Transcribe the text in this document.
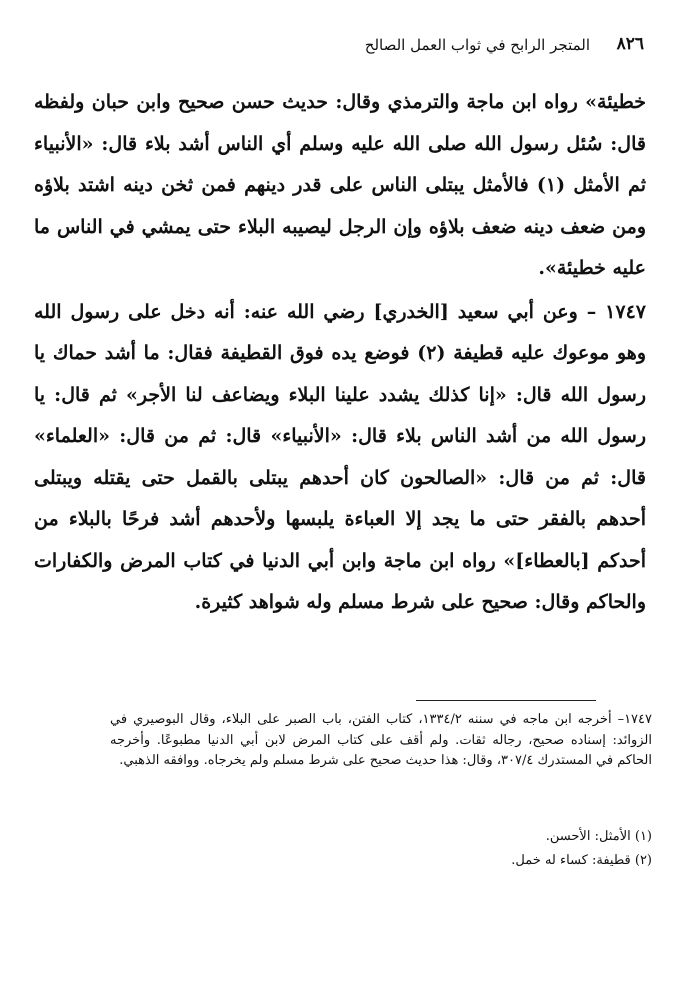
٨٢٦
المتجر الرابح في ثواب العمل الصالح

خطيئة» رواه ابن ماجة والترمذي وقال: حديث حسن صحيح وابن حبان ولفظه قال: سُئل رسول الله صلى الله عليه وسلم أي الناس أشد بلاء قال: «الأنبياء ثم الأمثل (١) فالأمثل يبتلى الناس على قدر دينهم فمن ثخن دينه اشتد بلاؤه ومن ضعف دينه ضعف بلاؤه وإن الرجل ليصيبه البلاء حتى يمشي في الناس ما عليه خطيئة».

١٧٤٧ – وعن أبي سعيد [الخدري] رضي الله عنه: أنه دخل على رسول الله وهو موعوك عليه قطيفة (٢) فوضع يده فوق القطيفة فقال: ما أشد حماك يا رسول الله قال: «إنا كذلك يشدد علينا البلاء ويضاعف لنا الأجر» ثم قال: يا رسول الله من أشد الناس بلاء قال: «الأنبياء» قال: ثم من قال: «العلماء» قال: ثم من قال: «الصالحون كان أحدهم يبتلى بالقمل حتى يقتله ويبتلى أحدهم بالفقر حتى ما يجد إلا العباءة يلبسها ولأحدهم أشد فرحًا بالبلاء من أحدكم [بالعطاء]» رواه ابن ماجة وابن أبي الدنيا في كتاب المرض والكفارات والحاكم وقال: صحيح على شرط مسلم وله شواهد كثيرة.

١٧٤٧– أخرجه ابن ماجه في سننه ١٣٣٤/٢، كتاب الفتن، باب الصبر على البلاء، وقال البوصيري في الزوائد: إسناده صحيح، رجاله ثقات. ولم أقف على كتاب المرض لابن أبي الدنيا مطبوعًا. وأخرجه الحاكم في المستدرك ٣٠٧/٤، وقال: هذا حديث صحيح على شرط مسلم ولم يخرجاه. ووافقه الذهبي.
(١) الأمثل: الأحسن.
(٢) قطيفة: كساء له خمل.
